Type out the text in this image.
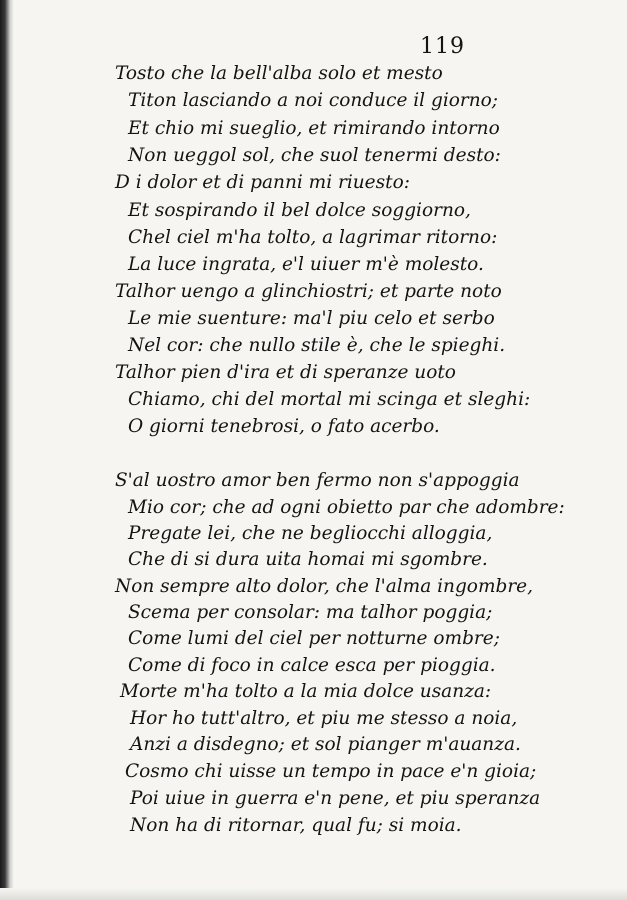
119
Tosto che la bell'alba solo et mesto
Titon lasciando a noi conduce il giorno;
Et chio mi sueglio, et rimirando intorno
Non ueggol sol, che suol tenermi desto:
D i dolor et di panni mi riuesto:
Et sospirando il bel dolce soggiorno,
Chel ciel m'ha tolto, a lagrimar ritorno:
La luce ingrata, e'l uiuer m'è molesto.
Talhor uengo a glinchiostri; et parte noto
Le mie suenture: ma'l piu celo et serbo
Nel cor: che nullo stile è, che le spieghi.
Talhor pien d'ira et di speranze uoto
Chiamo, chi del mortal mi scinga et sleghi:
O giorni tenebrosi, o fato acerbo.
S'al uostro amor ben fermo non s'appoggia
Mio cor; che ad ogni obietto par che adombre:
Pregate lei, che ne begliocchi alloggia,
Che di si dura uita homai mi sgombre.
Non sempre alto dolor, che l'alma ingombre,
Scema per consolar: ma talhor poggia;
Come lumi del ciel per notturne ombre;
Come di foco in calce esca per pioggia.
Morte m'ha tolto a la mia dolce usanza:
Hor ho tutt'altro, et piu me stesso a noia,
Anzi a disdegno; et sol pianger m'auanza.
Cosmo chi uisse un tempo in pace e'n gioia;
Poi uiue in guerra e'n pene, et piu speranza
Non ha di ritornar, qual fu; si moia.
